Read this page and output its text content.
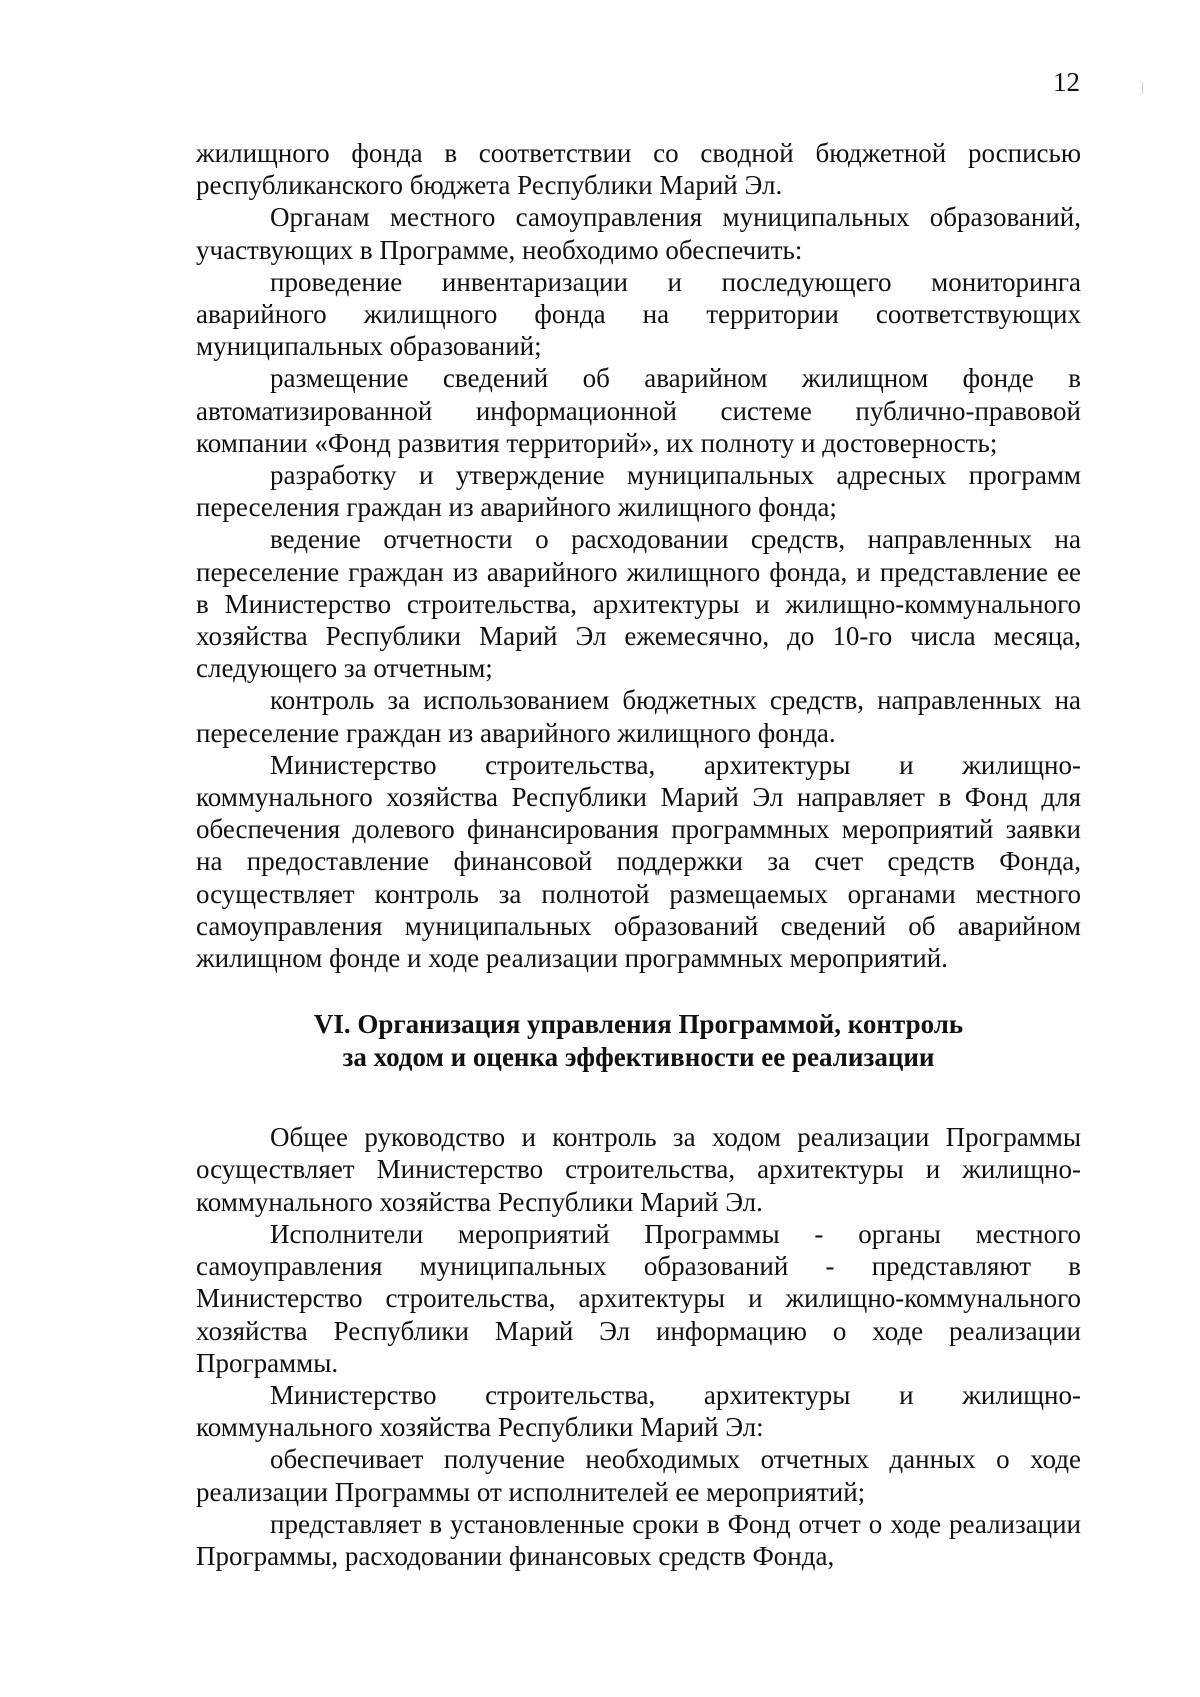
12

жилищного фонда в соответствии со сводной бюджетной росписью республиканского бюджета Республики Марий Эл.

Органам местного самоуправления муниципальных образований, участвующих в Программе, необходимо обеспечить:

проведение инвентаризации и последующего мониторинга аварийного жилищного фонда на территории соответствующих муниципальных образований;

размещение сведений об аварийном жилищном фонде в автоматизированной информационной системе публично-правовой компании «Фонд развития территорий», их полноту и достоверность;

разработку и утверждение муниципальных адресных программ переселения граждан из аварийного жилищного фонда;

ведение отчетности о расходовании средств, направленных на переселение граждан из аварийного жилищного фонда, и представление ее в Министерство строительства, архитектуры и жилищно-коммунального хозяйства Республики Марий Эл ежемесячно, до 10-го числа месяца, следующего за отчетным;

контроль за использованием бюджетных средств, направленных на переселение граждан из аварийного жилищного фонда.

Министерство строительства, архитектуры и жилищно-коммунального хозяйства Республики Марий Эл направляет в Фонд для обеспечения долевого финансирования программных мероприятий заявки на предоставление финансовой поддержки за счет средств Фонда, осуществляет контроль за полнотой размещаемых органами местного самоуправления муниципальных образований сведений об аварийном жилищном фонде и ходе реализации программных мероприятий.

VI. Организация управления Программой, контроль
за ходом и оценка эффективности ее реализации

Общее руководство и контроль за ходом реализации Программы осуществляет Министерство строительства, архитектуры и жилищно-коммунального хозяйства Республики Марий Эл.

Исполнители мероприятий Программы - органы местного самоуправления муниципальных образований - представляют в Министерство строительства, архитектуры и жилищно-коммунального хозяйства Республики Марий Эл информацию о ходе реализации Программы.

Министерство строительства, архитектуры и жилищно-коммунального хозяйства Республики Марий Эл:

обеспечивает получение необходимых отчетных данных о ходе реализации Программы от исполнителей ее мероприятий;

представляет в установленные сроки в Фонд отчет о ходе реализации Программы, расходовании финансовых средств Фонда,
